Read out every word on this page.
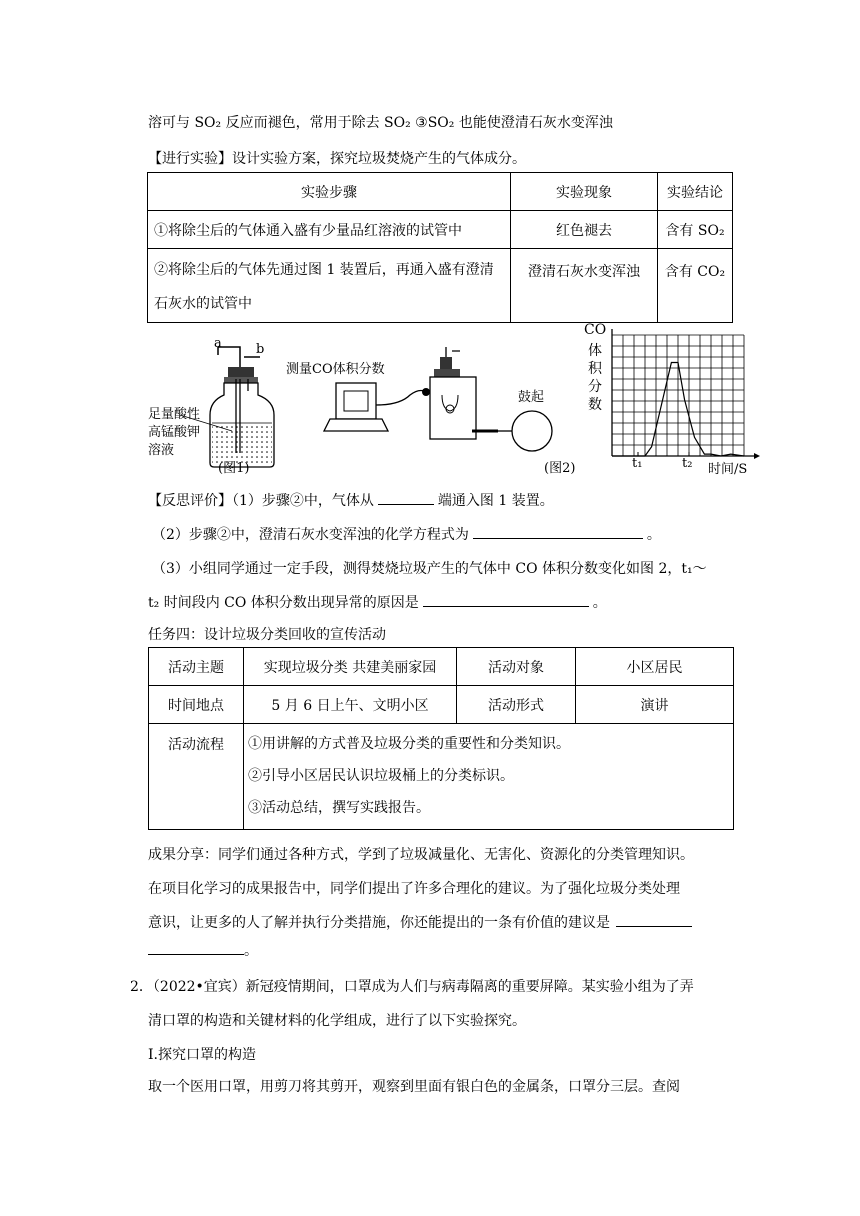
溶可与 SO₂ 反应而褪色，常用于除去 SO₂ ③SO₂ 也能使澄清石灰水变浑浊
【进行实验】设计实验方案，探究垃圾焚烧产生的气体成分。
实验步骤	实验现象	实验结论
①将除尘后的气体通入盛有少量品红溶液的试管中	红色褪去	含有 SO₂

②将除尘后的气体先通过图 1 装置后，再通入盛有澄清
石灰水的试管中	澄清石灰水变浑浊	含有 CO₂
a	b
足量酸性
高锰酸钾
溶液
(图1)
测量CO体积分数
鼓起
(图2)
CO
体
积
分
数
t₁	t₂ 时间/S
【反思评价】（1）步骤②中，气体从	端通入图 1 装置。
（2）步骤②中，澄清石灰水变浑浊的化学方程式为	。
（3）小组同学通过一定手段，测得焚烧垃圾产生的气体中 CO 体积分数变化如图 2，t₁～
t₂ 时间段内 CO 体积分数出现异常的原因是	。
任务四：设计垃圾分类回收的宣传活动
活动主题	实现垃圾分类 共建美丽家园	活动对象	小区居民
时间地点	5 月 6 日上午、文明小区	活动形式	演讲
活动流程	①用讲解的方式普及垃圾分类的重要性和分类知识。
②引导小区居民认识垃圾桶上的分类标识。
③活动总结，撰写实践报告。		
成果分享：同学们通过各种方式，学到了垃圾减量化、无害化、资源化的分类管理知识。
在项目化学习的成果报告中，同学们提出了许多合理化的建议。为了强化垃圾分类处理
意识，让更多的人了解并执行分类措施，你还能提出的一条有价值的建议是
。
2．（2022•宜宾）新冠疫情期间，口罩成为人们与病毒隔离的重要屏障。某实验小组为了弄
清口罩的构造和关键材料的化学组成，进行了以下实验探究。
I.探究口罩的构造
取一个医用口罩，用剪刀将其剪开，观察到里面有银白色的金属条，口罩分三层。查阅
